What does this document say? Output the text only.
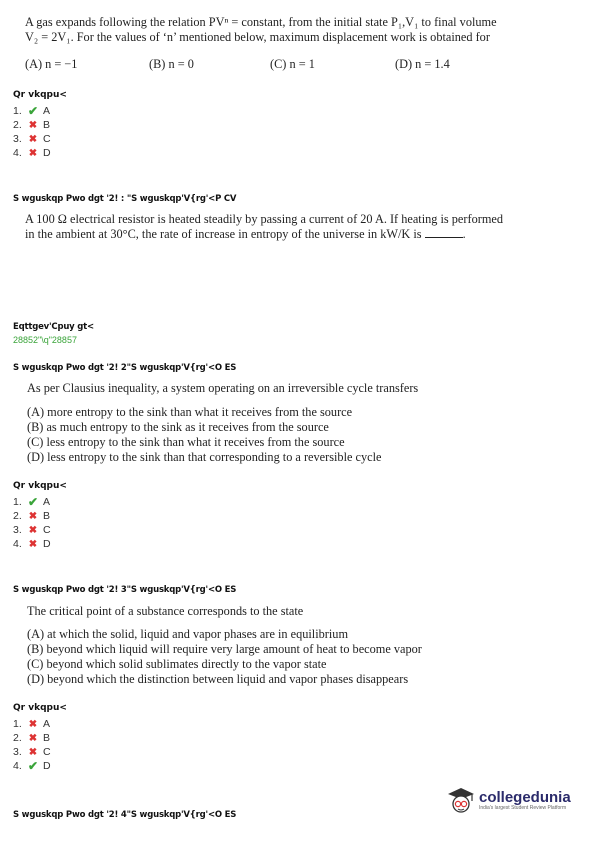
A gas expands following the relation PVⁿ = constant, from the initial state P₁,V₁ to final volume
V₂ = 2V₁. For the values of ‘n’ mentioned below, maximum displacement work is obtained for
(A) n = −1	(B) n = 0	(C) n = 1	(D) n = 1.4
Qr vkqpu<
1. ✔ A
2. ✖ B
3. ✖ C
4. ✖ D
S wguskqp Pwo dgt '2! : "S wguskqp'V{rg'<P CV
A 100 Ω electrical resistor is heated steadily by passing a current of 20 A. If heating is performed
in the ambient at 30°C, the rate of increase in entropy of the universe in kW/K is	.
Eqttgev'Cpuy gt<
28852"\q"28857
S wguskqp Pwo dgt '2! 2"S wguskqp'V{rg'<O ES
As per Clausius inequality, a system operating on an irreversible cycle transfers
(A) more entropy to the sink than what it receives from the source
(B) as much entropy to the sink as it receives from the source
(C) less entropy to the sink than what it receives from the source
(D) less entropy to the sink than that corresponding to a reversible cycle
Qr vkqpu<
1. ✔ A
2. ✖ B
3. ✖ C
4. ✖ D
S wguskqp Pwo dgt '2! 3"S wguskqp'V{rg'<O ES
The critical point of a substance corresponds to the state
(A) at which the solid, liquid and vapor phases are in equilibrium
(B) beyond which liquid will require very large amount of heat to become vapor
(C) beyond which solid sublimates directly to the vapor state
(D) beyond which the distinction between liquid and vapor phases disappears
Qr vkqpu<
1. ✖ A
2. ✖ B
3. ✖ C
4. ✔ D
S wguskqp Pwo dgt '2! 4"S wguskqp'V{rg'<O ES
collegedunia
India's largest Student Review Platform
